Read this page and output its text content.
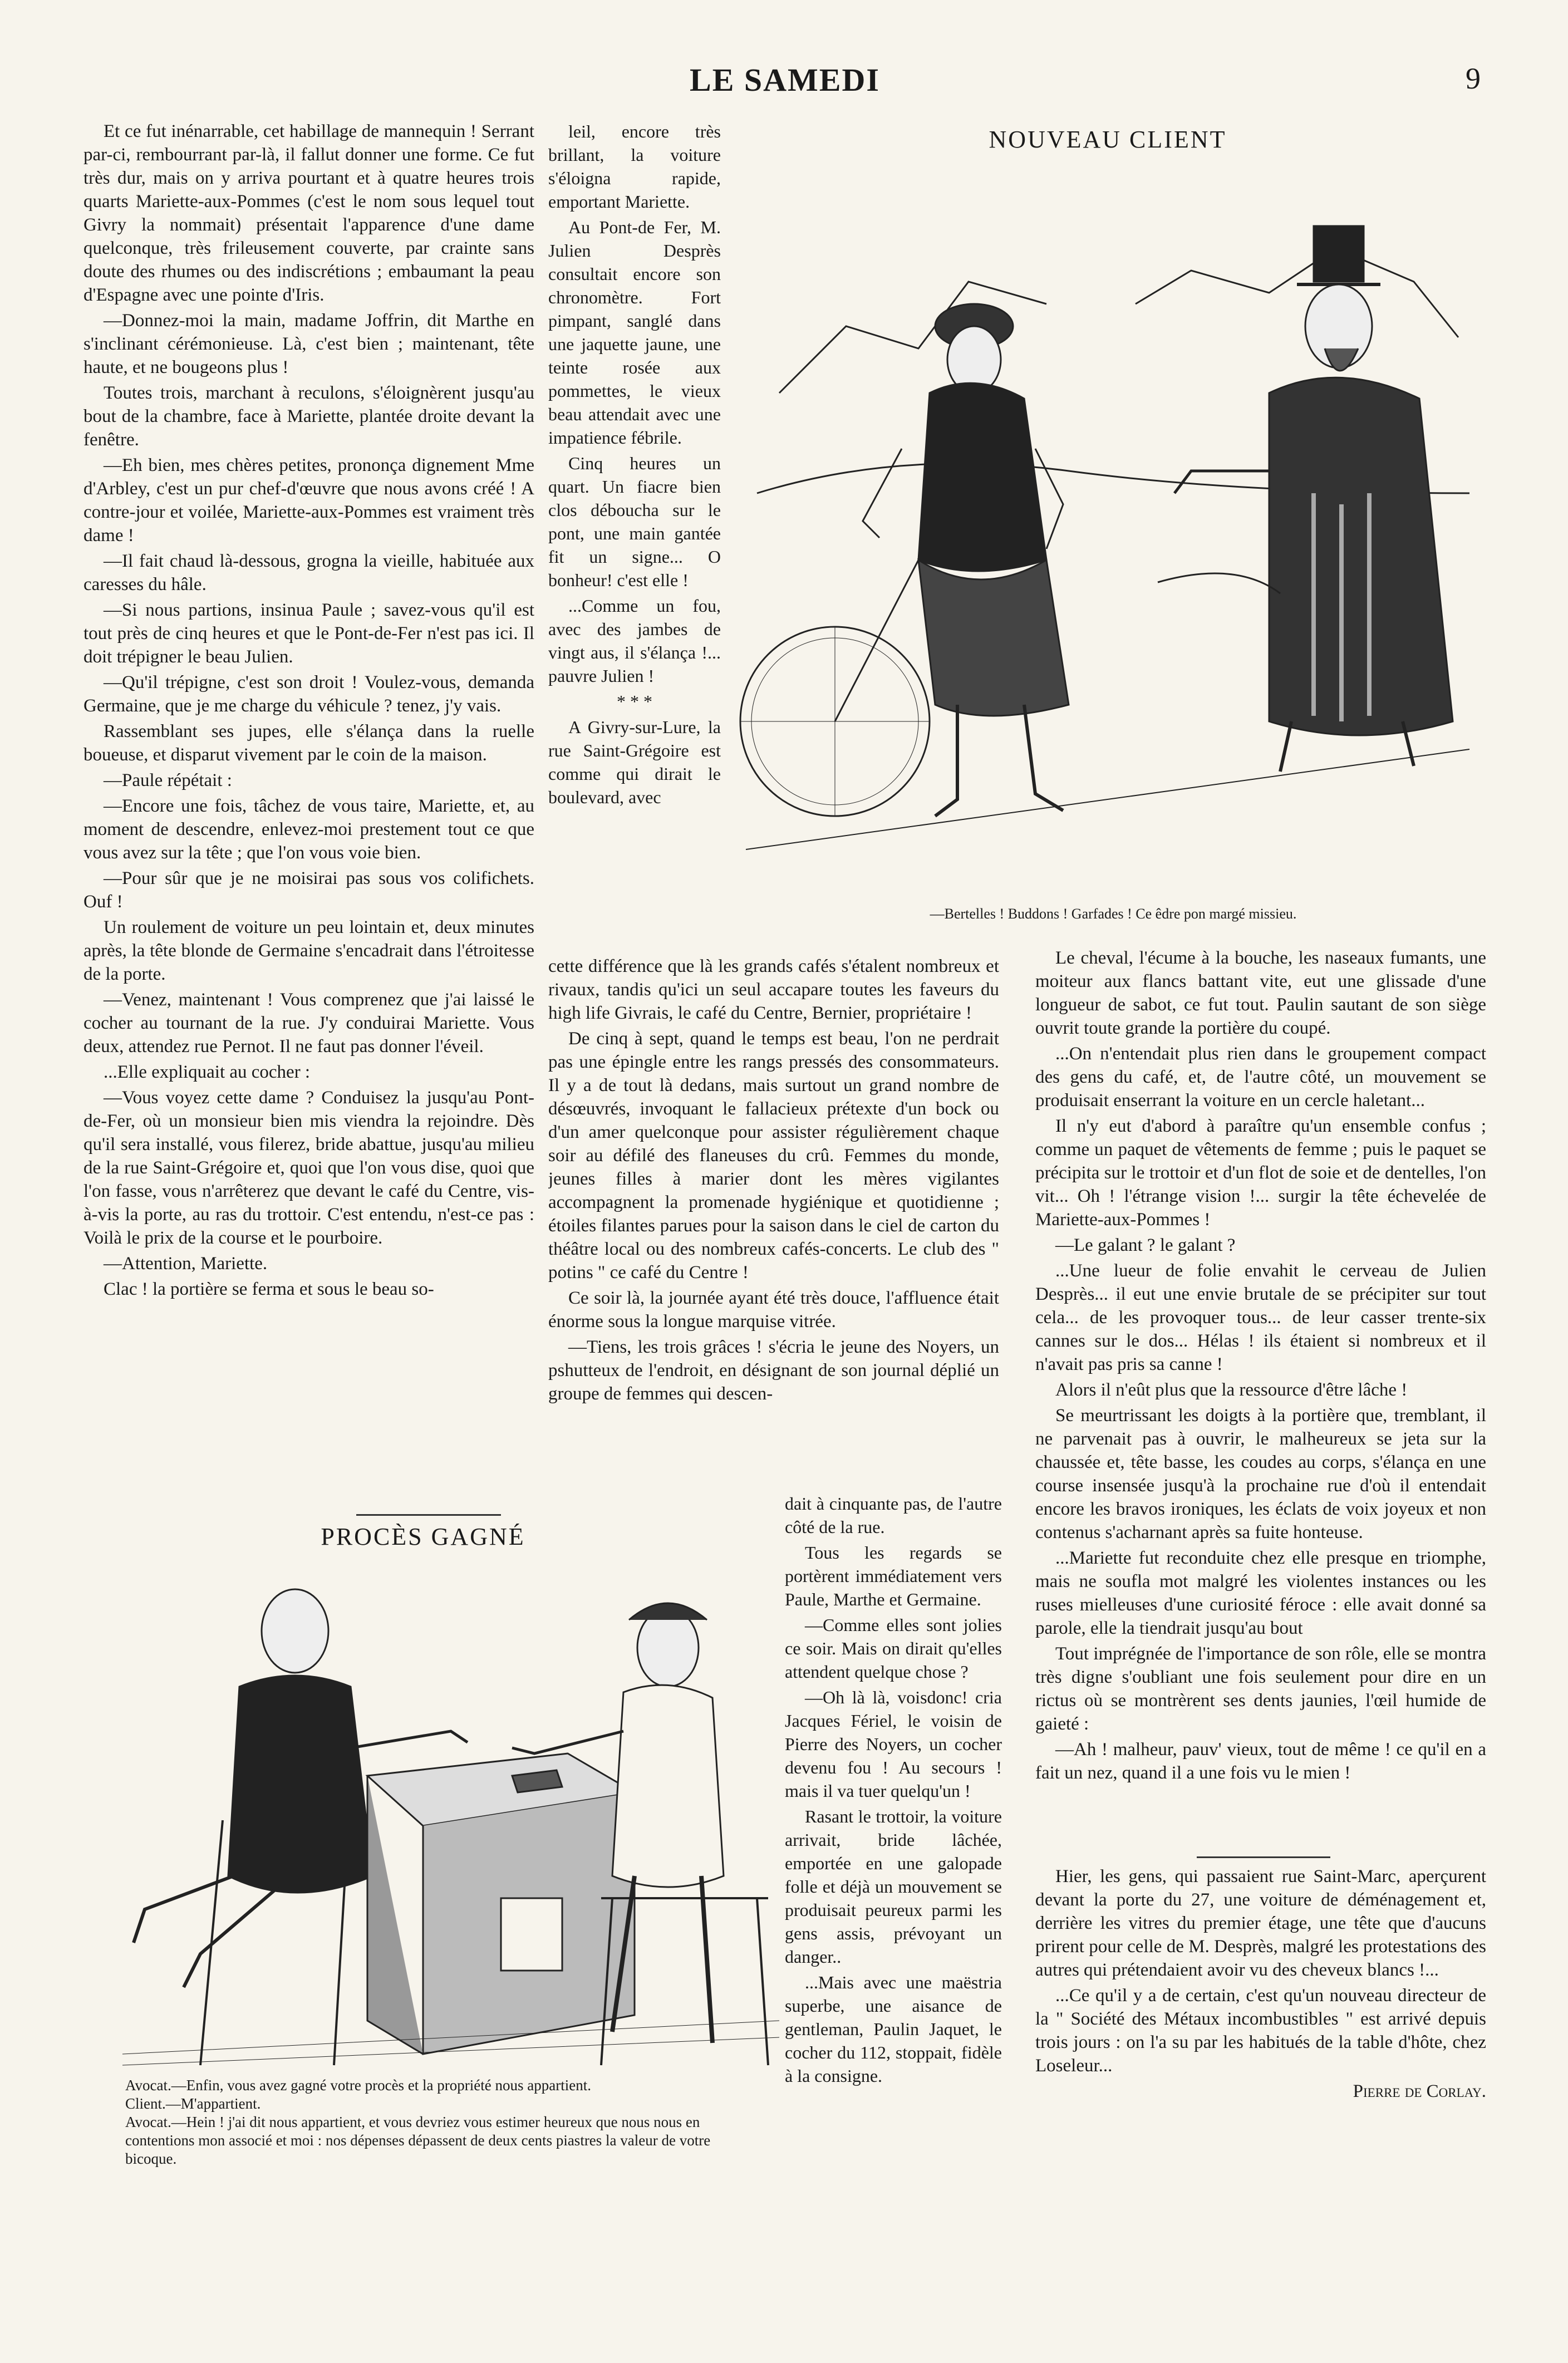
LE SAMEDI	9

Et ce fut inénarrable, cet habillage de mannequin ! Serrant par-ci, rembourrant par-là, il fallut donner une forme. Ce fut très dur, mais on y arriva pourtant et à quatre heures trois quarts Mariette-aux-Pommes (c'est le nom sous lequel tout Givry la nommait) présentait l'apparence d'une dame quelconque, très frileusement couverte, par crainte sans doute des rhumes ou des indiscrétions ; embaumant la peau d'Espagne avec une pointe d'Iris.

—Donnez-moi la main, madame Joffrin, dit Marthe en s'inclinant cérémonieuse. Là, c'est bien ; maintenant, tête haute, et ne bougeons plus !

Toutes trois, marchant à reculons, s'éloignèrent jusqu'au bout de la chambre, face à Mariette, plantée droite devant la fenêtre.

—Eh bien, mes chères petites, prononça dignement Mme d'Arbley, c'est un pur chef-d'œuvre que nous avons créé ! A contre-jour et voilée, Mariette-aux-Pommes est vraiment très dame !

—Il fait chaud là-dessous, grogna la vieille, habituée aux caresses du hâle.

—Si nous partions, insinua Paule ; savez-vous qu'il est tout près de cinq heures et que le Pont-de-Fer n'est pas ici. Il doit trépigner le beau Julien.

—Qu'il trépigne, c'est son droit ! Voulez-vous, demanda Germaine, que je me charge du véhicule ? tenez, j'y vais.

Rassemblant ses jupes, elle s'élança dans la ruelle boueuse, et disparut vivement par le coin de la maison.

—Paule répétait :

—Encore une fois, tâchez de vous taire, Mariette, et, au moment de descendre, enlevez-moi prestement tout ce que vous avez sur la tête ; que l'on vous voie bien.

—Pour sûr que je ne moisirai pas sous vos colifichets. Ouf !

Un roulement de voiture un peu lointain et, deux minutes après, la tête blonde de Germaine s'encadrait dans l'étroitesse de la porte.

—Venez, maintenant ! Vous comprenez que j'ai laissé le cocher au tournant de la rue. J'y conduirai Mariette. Vous deux, attendez rue Pernot. Il ne faut pas donner l'éveil.

...Elle expliquait au cocher :

—Vous voyez cette dame ? Conduisez la jusqu'au Pont-de-Fer, où un monsieur bien mis viendra la rejoindre. Dès qu'il sera installé, vous filerez, bride abattue, jusqu'au milieu de la rue Saint-Grégoire et, quoi que l'on vous dise, quoi que l'on fasse, vous n'arrêterez que devant le café du Centre, vis-à-vis la porte, au ras du trottoir. C'est entendu, n'est-ce pas : Voilà le prix de la course et le pourboire.

—Attention, Mariette.

Clac ! la portière se ferma et sous le beau so-

leil, encore très brillant, la voiture s'éloigna rapide, emportant Mariette.

Au Pont-de Fer, M. Julien Desprès consultait encore son chronomètre. Fort pimpant, sanglé dans une jaquette jaune, une teinte rosée aux pommettes, le vieux beau attendait avec une impatience fébrile.

Cinq heures un quart. Un fiacre bien clos déboucha sur le pont, une main gantée fit un signe... O bonheur! c'est elle !

...Comme un fou, avec des jambes de vingt aus, il s'élança !... pauvre Julien !

* * *

A Givry-sur-Lure, la rue Saint-Grégoire est comme qui dirait le boulevard, avec

NOUVEAU CLIENT

—Bertelles ! Buddons ! Garfades ! Ce êdre pon margé missieu.

cette différence que là les grands cafés s'étalent nombreux et rivaux, tandis qu'ici un seul accapare toutes les faveurs du high life Givrais, le café du Centre, Bernier, propriétaire !

De cinq à sept, quand le temps est beau, l'on ne perdrait pas une épingle entre les rangs pressés des consommateurs. Il y a de tout là dedans, mais surtout un grand nombre de désœuvrés, invoquant le fallacieux prétexte d'un bock ou d'un amer quelconque pour assister régulièrement chaque soir au défilé des flaneuses du crû. Femmes du monde, jeunes filles à marier dont les mères vigilantes accompagnent la promenade hygiénique et quotidienne ; étoiles filantes parues pour la saison dans le ciel de carton du théâtre local ou des nombreux cafés-concerts. Le club des " potins " ce café du Centre !

Ce soir là, la journée ayant été très douce, l'affluence était énorme sous la longue marquise vitrée.

—Tiens, les trois grâces ! s'écria le jeune des Noyers, un pshutteux de l'endroit, en désignant de son journal déplié un groupe de femmes qui descen-

Le cheval, l'écume à la bouche, les naseaux fumants, une moiteur aux flancs battant vite, eut une glissade d'une longueur de sabot, ce fut tout. Paulin sautant de son siège ouvrit toute grande la portière du coupé.

...On n'entendait plus rien dans le groupement compact des gens du café, et, de l'autre côté, un mouvement se produisait enserrant la voiture en un cercle haletant...

Il n'y eut d'abord à paraître qu'un ensemble confus ; comme un paquet de vêtements de femme ; puis le paquet se précipita sur le trottoir et d'un flot de soie et de dentelles, l'on vit... Oh ! l'étrange vision !... surgir la tête échevelée de Mariette-aux-Pommes !

—Le galant ? le galant ?

...Une lueur de folie envahit le cerveau de Julien Desprès... il eut une envie brutale de se précipiter sur tout cela... de les provoquer tous... de leur casser trente-six cannes sur le dos... Hélas ! ils étaient si nombreux et il n'avait pas pris sa canne !

Alors il n'eût plus que la ressource d'être lâche !

Se meurtrissant les doigts à la portière que, tremblant, il ne parvenait pas à ouvrir, le malheureux se jeta sur la chaussée et, tête basse, les coudes au corps, s'élança en une course insensée jusqu'à la prochaine rue d'où il entendait encore les bravos ironiques, les éclats de voix joyeux et non contenus s'acharnant après sa fuite honteuse.

...Mariette fut reconduite chez elle presque en triomphe, mais ne soufla mot malgré les violentes instances ou les ruses mielleuses d'une curiosité féroce : elle avait donné sa parole, elle la tiendrait jusqu'au bout

Tout imprégnée de l'importance de son rôle, elle se montra très digne s'oubliant une fois seulement pour dire en un rictus où se montrèrent ses dents jaunies, l'œil humide de gaieté :

—Ah ! malheur, pauv' vieux, tout de même ! ce qu'il en a fait un nez, quand il a une fois vu le mien !

Hier, les gens, qui passaient rue Saint-Marc, aperçurent devant la porte du 27, une voiture de déménagement et, derrière les vitres du premier étage, une tête que d'aucuns prirent pour celle de M. Desprès, malgré les protestations des autres qui prétendaient avoir vu des cheveux blancs !...

...Ce qu'il y a de certain, c'est qu'un nouveau directeur de la " Société des Métaux incombustibles " est arrivé depuis trois jours : on l'a su par les habitués de la table d'hôte, chez Loseleur...

Pierre de Corlay.

PROCÈS GAGNÉ

Avocat.—Enfin, vous avez gagné votre procès et la propriété nous appartient.

Client.—M'appartient.

Avocat.—Hein ! j'ai dit nous appartient, et vous devriez vous estimer heureux que nous nous en contentions mon associé et moi : nos dépenses dépassent de deux cents piastres la valeur de votre bicoque.

dait à cinquante pas, de l'autre côté de la rue.

Tous les regards se portèrent immédiatement vers Paule, Marthe et Germaine.

—Comme elles sont jolies ce soir. Mais on dirait qu'elles attendent quelque chose ?

—Oh là là, voisdonc! cria Jacques Fériel, le voisin de Pierre des Noyers, un cocher devenu fou ! Au secours ! mais il va tuer quelqu'un !

Rasant le trottoir, la voiture arrivait, bride lâchée, emportée en une galopade folle et déjà un mouvement se produisait peureux parmi les gens assis, prévoyant un danger..

...Mais avec une maëstria superbe, une aisance de gentleman, Paulin Jaquet, le cocher du 112, stoppait, fidèle à la consigne.
